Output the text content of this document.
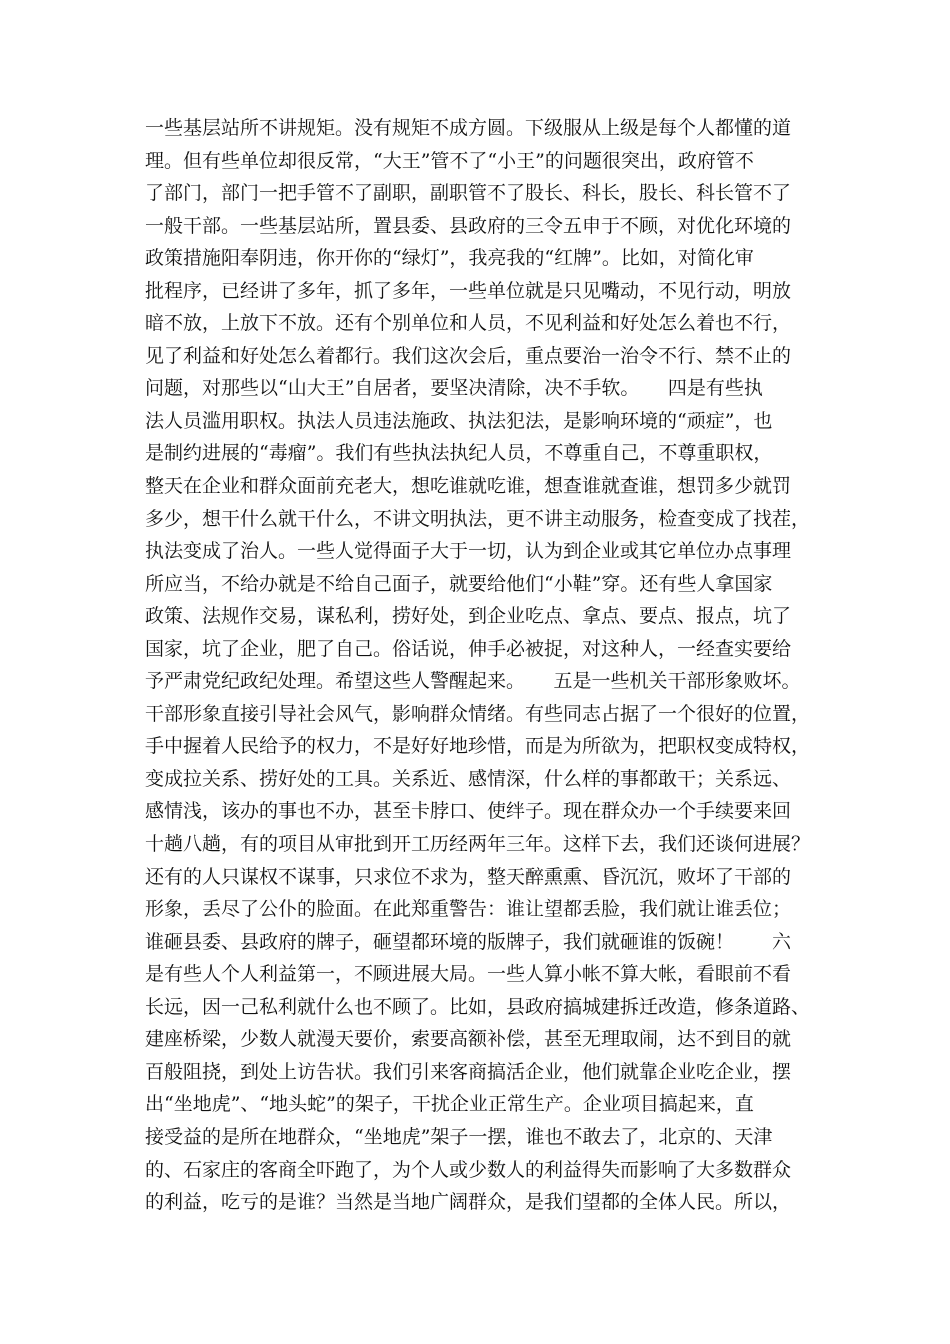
一些基层站所不讲规矩。没有规矩不成方圆。下级服从上级是每个人都懂的道
理。但有些单位却很反常，“大王”管不了“小王”的问题很突出，政府管不
了部门，部门一把手管不了副职，副职管不了股长、科长，股长、科长管不了
一般干部。一些基层站所，置县委、县政府的三令五申于不顾，对优化环境的
政策措施阳奉阴违，你开你的“绿灯”，我亮我的“红牌”。比如，对简化审
批程序，已经讲了多年，抓了多年，一些单位就是只见嘴动，不见行动，明放
暗不放，上放下不放。还有个别单位和人员，不见利益和好处怎么着也不行，
见了利益和好处怎么着都行。我们这次会后，重点要治一治令不行、禁不止的
问题，对那些以“山大王”自居者，要坚决清除，决不手软。　　四是有些执
法人员滥用职权。执法人员违法施政、执法犯法，是影响环境的“顽症”，也
是制约进展的“毒瘤”。我们有些执法执纪人员，不尊重自己，不尊重职权，
整天在企业和群众面前充老大，想吃谁就吃谁，想查谁就查谁，想罚多少就罚
多少，想干什么就干什么，不讲文明执法，更不讲主动服务，检查变成了找茬，
执法变成了治人。一些人觉得面子大于一切，认为到企业或其它单位办点事理
所应当，不给办就是不给自己面子，就要给他们“小鞋”穿。还有些人拿国家
政策、法规作交易，谋私利，捞好处，到企业吃点、拿点、要点、报点，坑了
国家，坑了企业，肥了自己。俗话说，伸手必被捉，对这种人，一经查实要给
予严肃党纪政纪处理。希望这些人警醒起来。　　五是一些机关干部形象败坏。
干部形象直接引导社会风气，影响群众情绪。有些同志占据了一个很好的位置，
手中握着人民给予的权力，不是好好地珍惜，而是为所欲为，把职权变成特权，
变成拉关系、捞好处的工具。关系近、感情深，什么样的事都敢干；关系远、
感情浅，该办的事也不办，甚至卡脖口、使绊子。现在群众办一个手续要来回
十趟八趟，有的项目从审批到开工历经两年三年。这样下去，我们还谈何进展？
还有的人只谋权不谋事，只求位不求为，整天醉熏熏、昏沉沉，败坏了干部的
形象，丢尽了公仆的脸面。在此郑重警告：谁让望都丢脸，我们就让谁丢位；
谁砸县委、县政府的牌子，砸望都环境的版牌子，我们就砸谁的饭碗！　　六
是有些人个人利益第一，不顾进展大局。一些人算小帐不算大帐，看眼前不看
长远，因一己私利就什么也不顾了。比如，县政府搞城建拆迁改造，修条道路、
建座桥梁，少数人就漫天要价，索要高额补偿，甚至无理取闹，达不到目的就
百般阻挠，到处上访告状。我们引来客商搞活企业，他们就靠企业吃企业，摆
出“坐地虎”、“地头蛇”的架子，干扰企业正常生产。企业项目搞起来，直
接受益的是所在地群众，“坐地虎”架子一摆，谁也不敢去了，北京的、天津
的、石家庄的客商全吓跑了，为个人或少数人的利益得失而影响了大多数群众
的利益，吃亏的是谁？当然是当地广阔群众，是我们望都的全体人民。所以，
